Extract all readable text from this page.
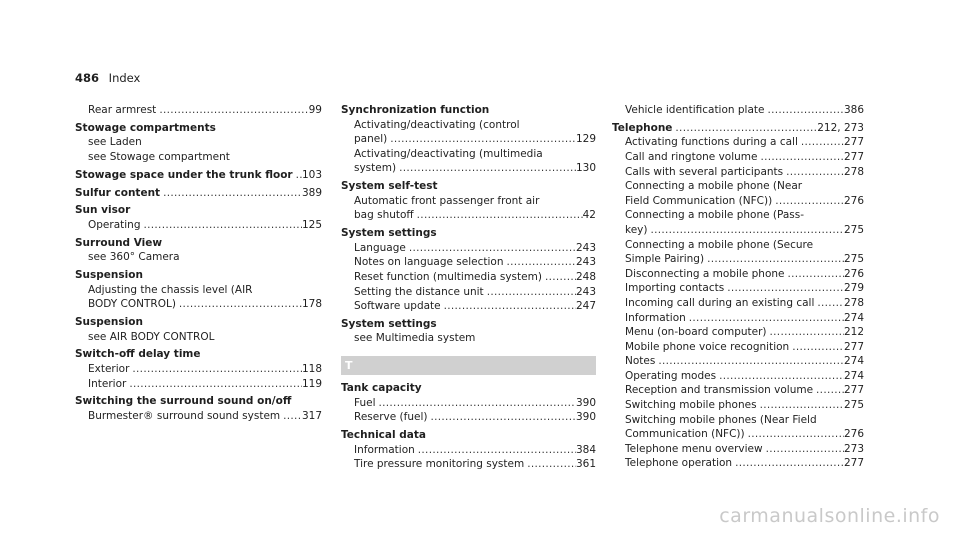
486 Index
Rear armrest .....	99
Stowage compartments
see Laden
see Stowage compartment
Stowage space under the trunk floor ..... 103
Sulfur content .....	389
Sun visor
Operating .....	125
Surround View
see 360° Camera
Suspension
Adjusting the chassis level (AIR
BODY CONTROL) .....	178
Suspension
see AIR BODY CONTROL
Switch-off delay time
Exterior .....	118
Interior .....	119
Switching the surround sound on/off
Burmester® surround sound system ..... 317
Synchronization function
Activating/deactivating (control
panel) .....	129
Activating/deactivating (multimedia
system) .....	130
System self-test
Automatic front passenger front air
bag shutoff .....	42
System settings
Language .....	243
Notes on language selection .....	243
Reset function (multimedia system) .....	248
Setting the distance unit .....	243
Software update .....	247
System settings
see Multimedia system
T
Tank capacity
Fuel .....	390
Reserve (fuel) .....	390
Technical data
Information .....	384
Tire pressure monitoring system .....	361
Vehicle identification plate .....	386
Telephone .....	212, 273
Activating functions during a call .....	277
Call and ringtone volume .....	277
Calls with several participants .....	278
Connecting a mobile phone (Near
Field Communication (NFC)) .....	276
Connecting a mobile phone (Pass-
key) .....	275
Connecting a mobile phone (Secure
Simple Pairing) .....	275
Disconnecting a mobile phone .....	276
Importing contacts .....	279
Incoming call during an existing call .....	278
Information .....	274
Menu (on-board computer) .....	212
Mobile phone voice recognition .....	277
Notes .....	274
Operating modes .....	274
Reception and transmission volume .....	277
Switching mobile phones .....	275
Switching mobile phones (Near Field
Communication (NFC)) .....	276
Telephone menu overview .....	273
Telephone operation .....	277
carmanualsonline.info
